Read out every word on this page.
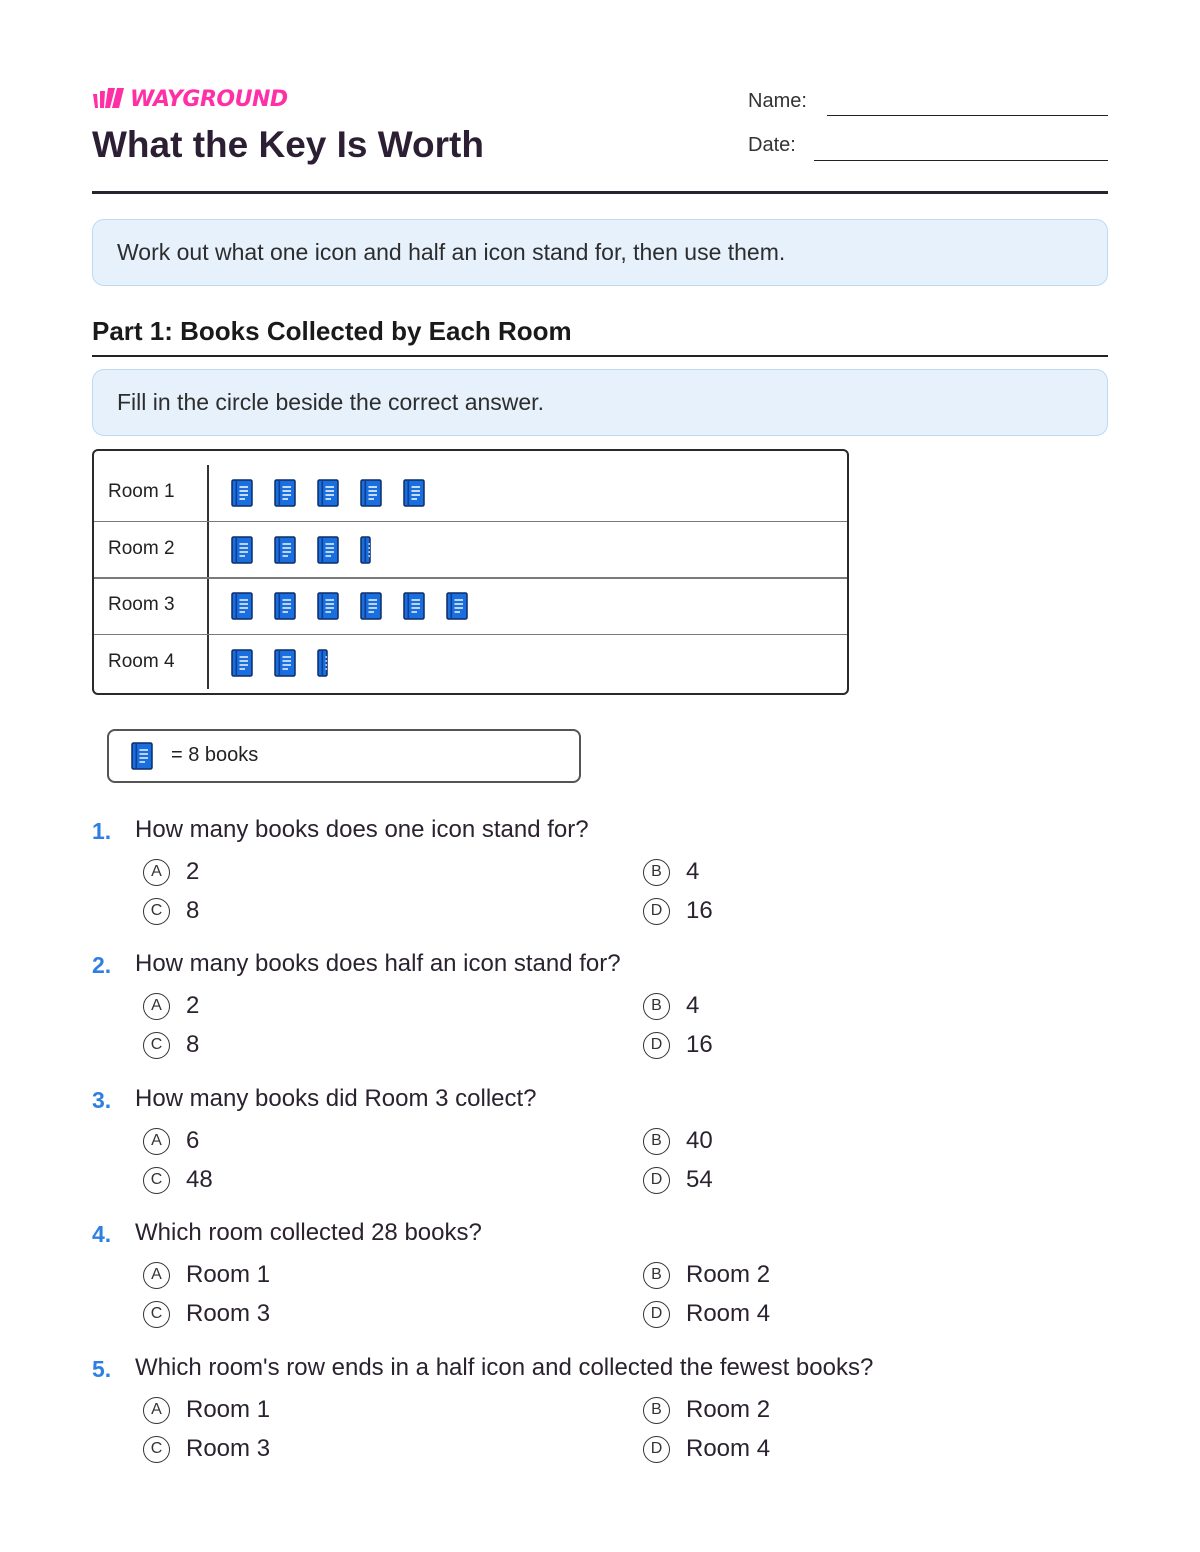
WAYGROUND
What the Key Is Worth
Name:
Date:
Work out what one icon and half an icon stand for, then use them.
Part 1: Books Collected by Each Room
Fill in the circle beside the correct answer.
Room 1
Room 2
Room 3
Room 4
= 8 books
1. How many books does one icon stand for?
A	2	B	4
C 8	D 16
2. How many books does half an icon stand for?
A	2	B	4
C 8	D 16
3. How many books did Room 3 collect?
A	6	B	40
C 48	D 54
4. Which room collected 28 books?
A	Room 1	B	Room 2
C Room 3	D Room 4
5. Which room's row ends in a half icon and collected the fewest books?
A	Room 1	B	Room 2
C Room 3	D Room 4
